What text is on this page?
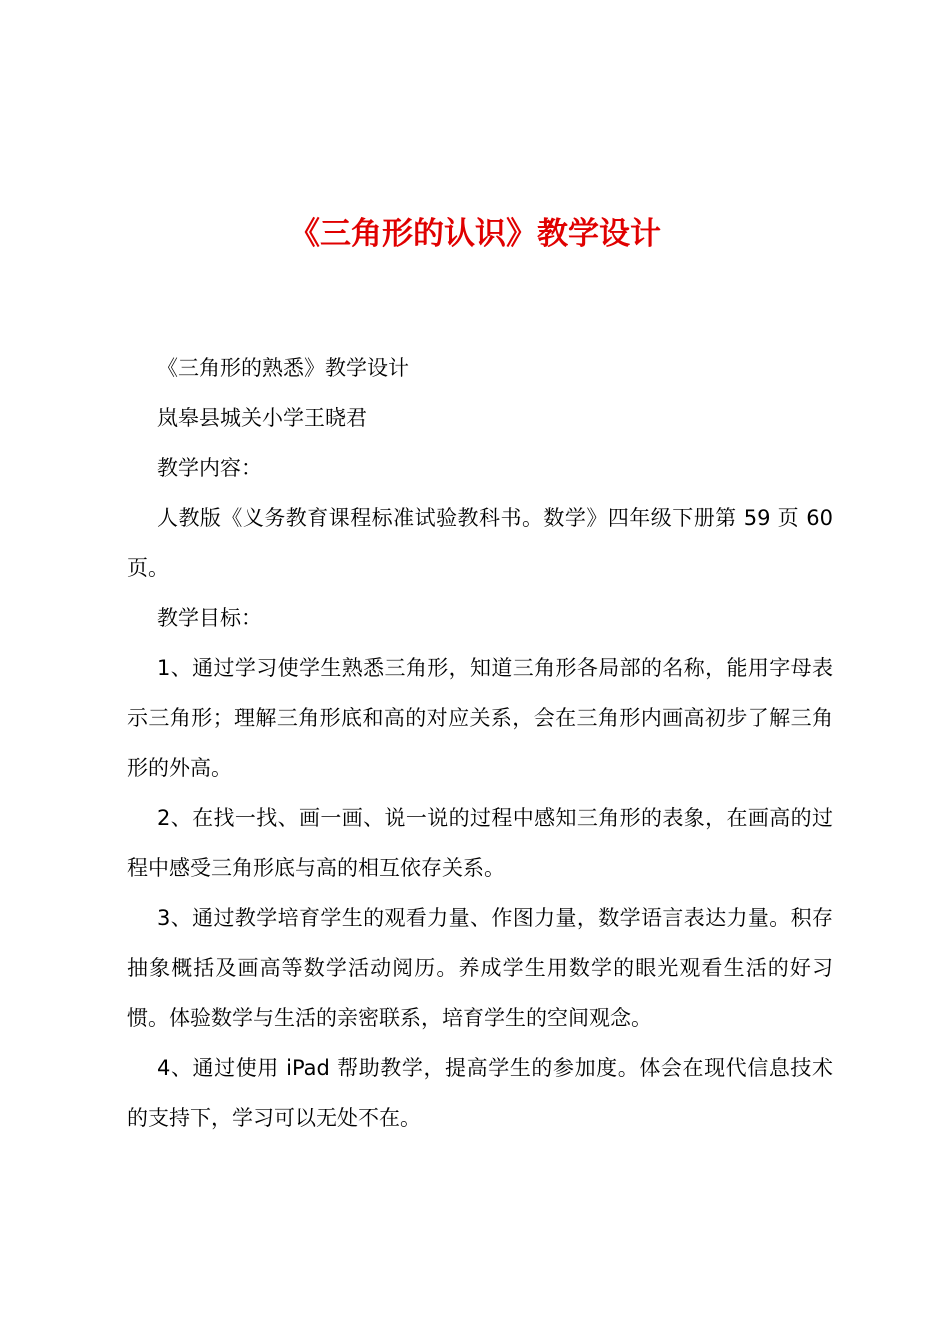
《三角形的认识》教学设计

《三角形的熟悉》教学设计

岚皋县城关小学王晓君

教学内容：

人教版《义务教育课程标准试验教科书。数学》四年级下册第 59 页 60 页。

教学目标：

1、通过学习使学生熟悉三角形，知道三角形各局部的名称，能用字母表示三角形；理解三角形底和高的对应关系，会在三角形内画高初步了解三角形的外高。

2、在找一找、画一画、说一说的过程中感知三角形的表象，在画高的过程中感受三角形底与高的相互依存关系。

3、通过教学培育学生的观看力量、作图力量，数学语言表达力量。积存抽象概括及画高等数学活动阅历。养成学生用数学的眼光观看生活的好习惯。体验数学与生活的亲密联系，培育学生的空间观念。

4、通过使用 iPad 帮助教学，提高学生的参加度。体会在现代信息技术的支持下，学习可以无处不在。
